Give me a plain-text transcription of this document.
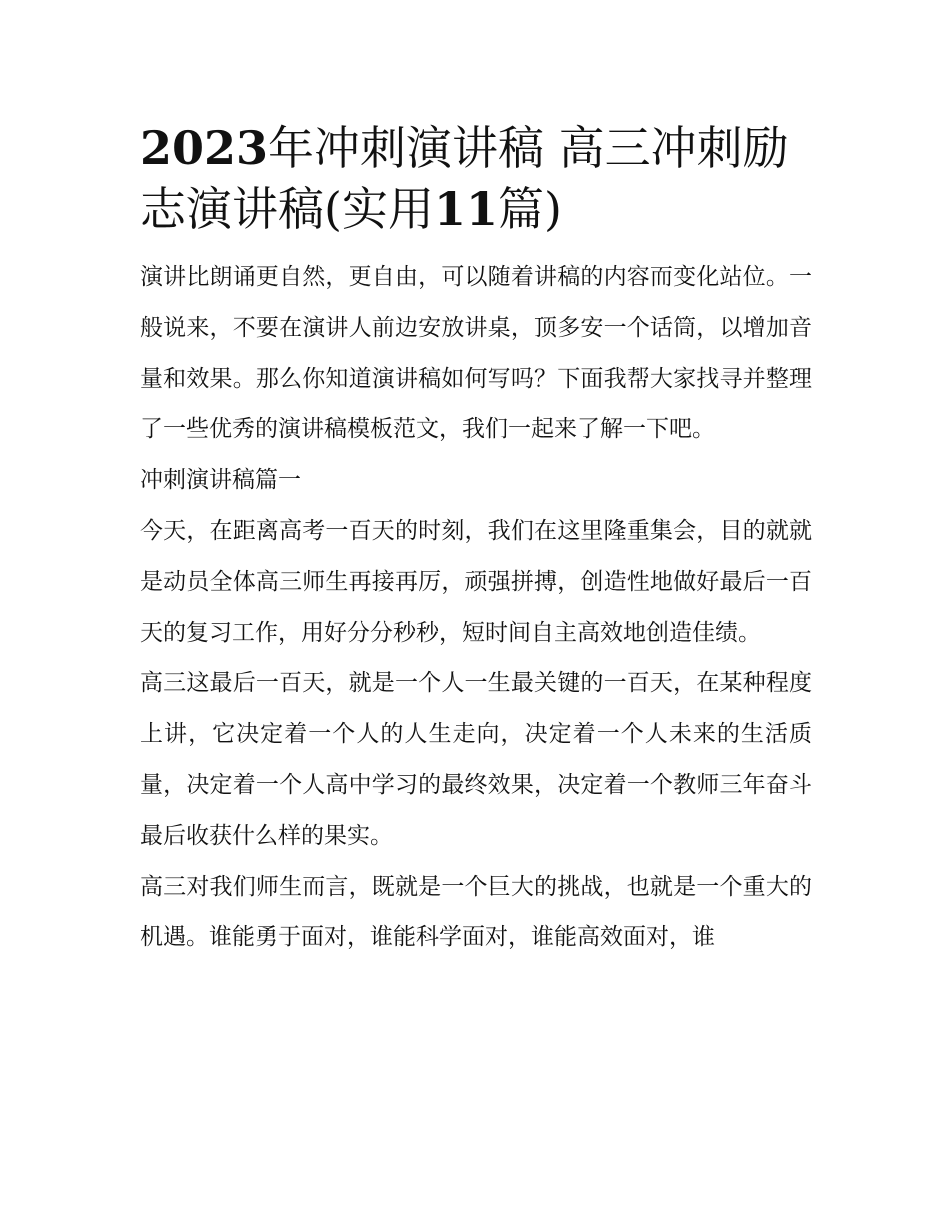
2023年冲刺演讲稿 高三冲刺励志演讲稿(实用11篇)

演讲比朗诵更自然，更自由，可以随着讲稿的内容而变化站位。一般说来，不要在演讲人前边安放讲桌，顶多安一个话筒，以增加音量和效果。那么你知道演讲稿如何写吗？下面我帮大家找寻并整理了一些优秀的演讲稿模板范文，我们一起来了解一下吧。

冲刺演讲稿篇一

今天，在距离高考一百天的时刻，我们在这里隆重集会，目的就就是动员全体高三师生再接再厉，顽强拼搏，创造性地做好最后一百天的复习工作，用好分分秒秒，短时间自主高效地创造佳绩。

高三这最后一百天，就是一个人一生最关键的一百天，在某种程度上讲，它决定着一个人的人生走向，决定着一个人未来的生活质量，决定着一个人高中学习的最终效果，决定着一个教师三年奋斗最后收获什么样的果实。

高三对我们师生而言，既就是一个巨大的挑战，也就是一个重大的机遇。谁能勇于面对，谁能科学面对，谁能高效面对，谁
